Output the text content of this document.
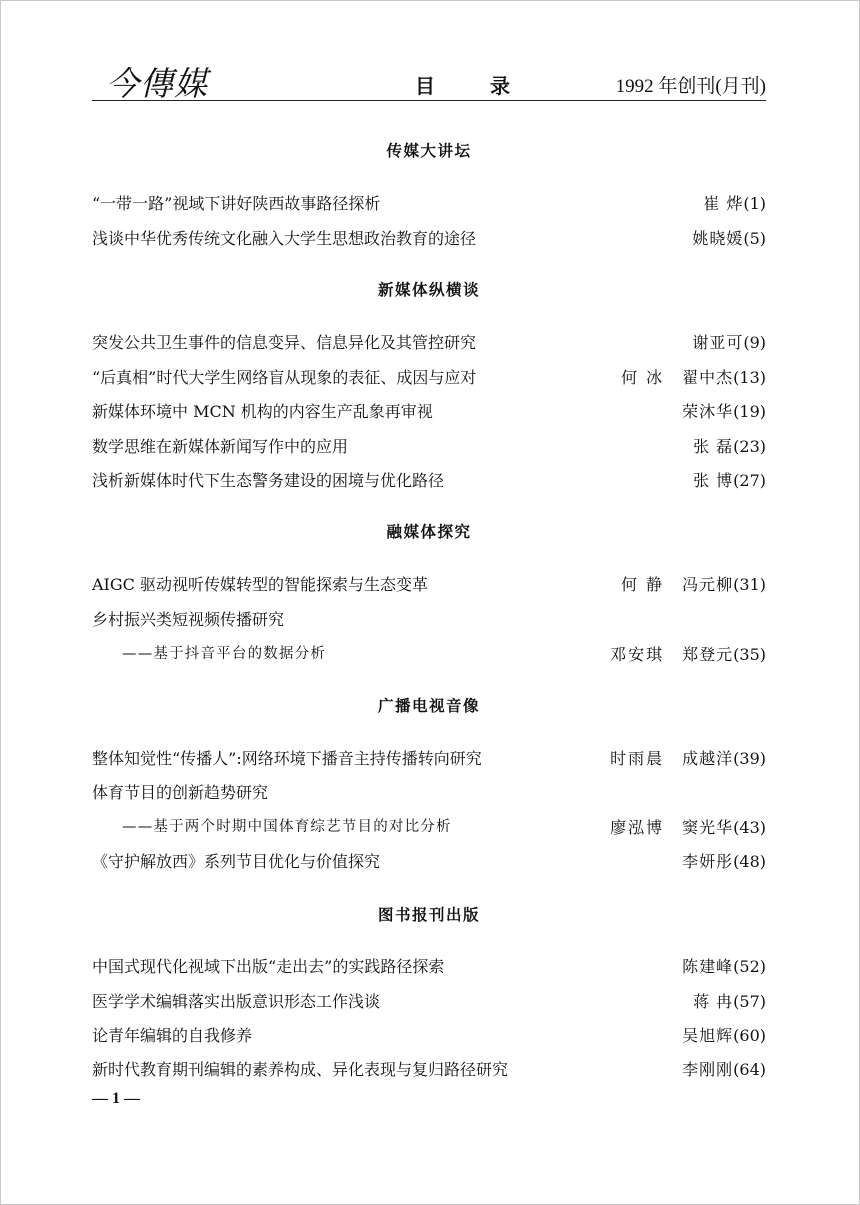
今傳媒	目 录	1992 年创刊(月刊)
传媒大讲坛
“一带一路”视域下讲好陕西故事路径探析	崔 烨(1)
浅谈中华优秀传统文化融入大学生思想政治教育的途径	姚晓媛(5)
新媒体纵横谈
突发公共卫生事件的信息变异、信息异化及其管控研究	谢亚可(9)
“后真相”时代大学生网络盲从现象的表征、成因与应对	何 冰 翟中杰(13)
新媒体环境中 MCN 机构的内容生产乱象再审视	荣沐华(19)
数学思维在新媒体新闻写作中的应用	张 磊(23)
浅析新媒体时代下生态警务建设的困境与优化路径	张 博(27)
融媒体探究
AIGC 驱动视听传媒转型的智能探索与生态变革	何 静 冯元柳(31)
乡村振兴类短视频传播研究
——基于抖音平台的数据分析	邓安琪 郑登元(35)
广播电视音像
整体知觉性“传播人”:网络环境下播音主持传播转向研究	时雨晨 成越洋(39)
体育节目的创新趋势研究
——基于两个时期中国体育综艺节目的对比分析	廖泓博 窦光华(43)
《守护解放西》系列节目优化与价值探究	李妍彤(48)
图书报刊出版
中国式现代化视域下出版“走出去”的实践路径探索	陈建峰(52)
医学学术编辑落实出版意识形态工作浅谈	蒋 冉(57)
论青年编辑的自我修养	吴旭辉(60)
新时代教育期刊编辑的素养构成、异化表现与复归路径研究	李刚刚(64)
— 1 —
